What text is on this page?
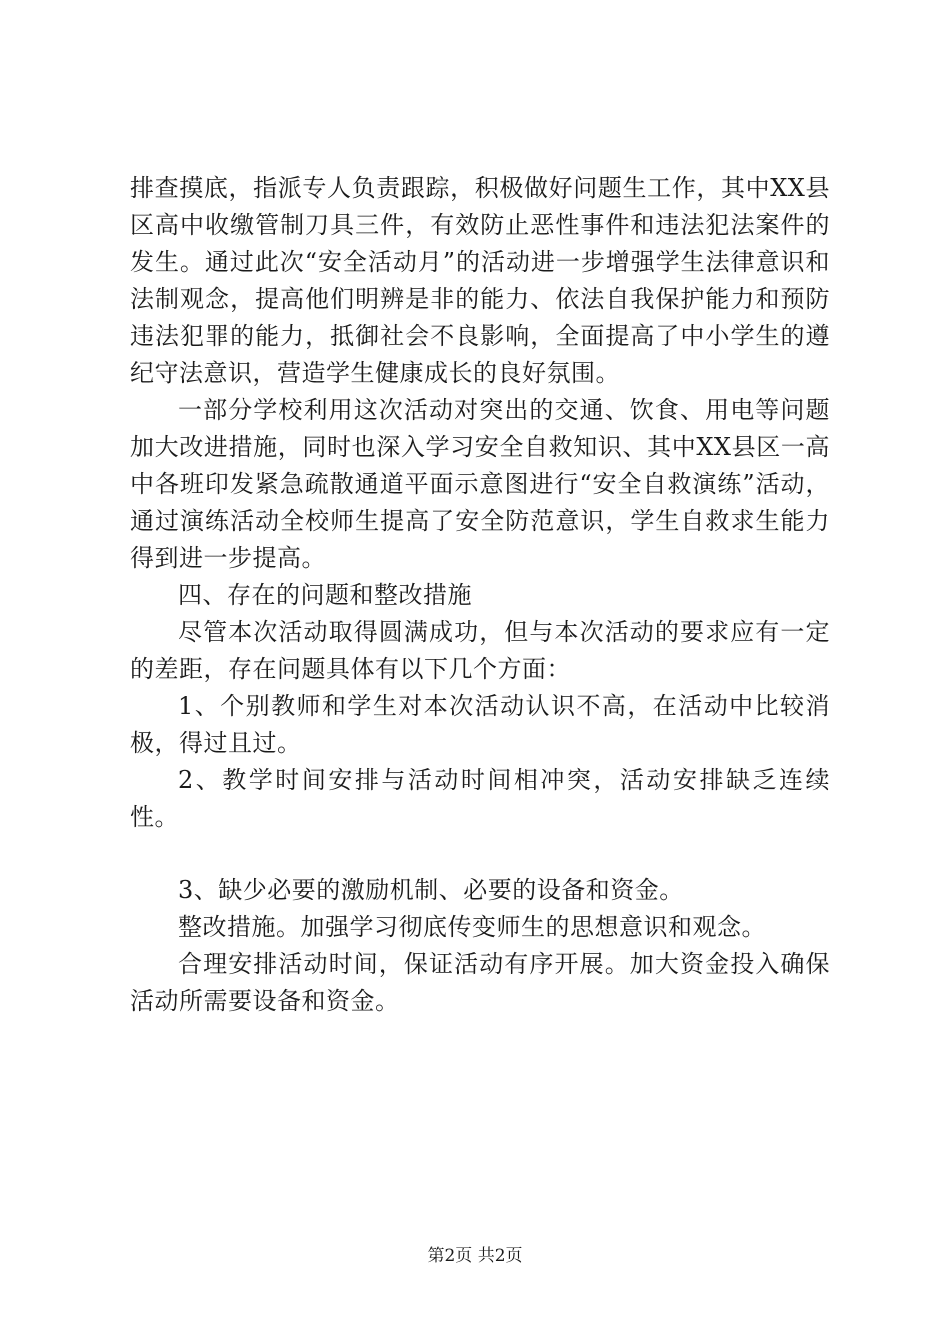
排查摸底，指派专人负责跟踪，积极做好问题生工作，其中XX县区高中收缴管制刀具三件，有效防止恶性事件和违法犯法案件的发生。通过此次“安全活动月”的活动进一步增强学生法律意识和法制观念，提高他们明辨是非的能力、依法自我保护能力和预防违法犯罪的能力，抵御社会不良影响，全面提高了中小学生的遵纪守法意识，营造学生健康成长的良好氛围。

一部分学校利用这次活动对突出的交通、饮食、用电等问题加大改进措施，同时也深入学习安全自救知识、其中XX县区一高中各班印发紧急疏散通道平面示意图进行“安全自救演练”活动，通过演练活动全校师生提高了安全防范意识，学生自救求生能力得到进一步提高。

四、存在的问题和整改措施

尽管本次活动取得圆满成功，但与本次活动的要求应有一定的差距，存在问题具体有以下几个方面：

1、个别教师和学生对本次活动认识不高，在活动中比较消极，得过且过。

2、教学时间安排与活动时间相冲突，活动安排缺乏连续性。

3、缺少必要的激励机制、必要的设备和资金。

整改措施。加强学习彻底传变师生的思想意识和观念。

合理安排活动时间，保证活动有序开展。加大资金投入确保活动所需要设备和资金。

第2页 共2页
